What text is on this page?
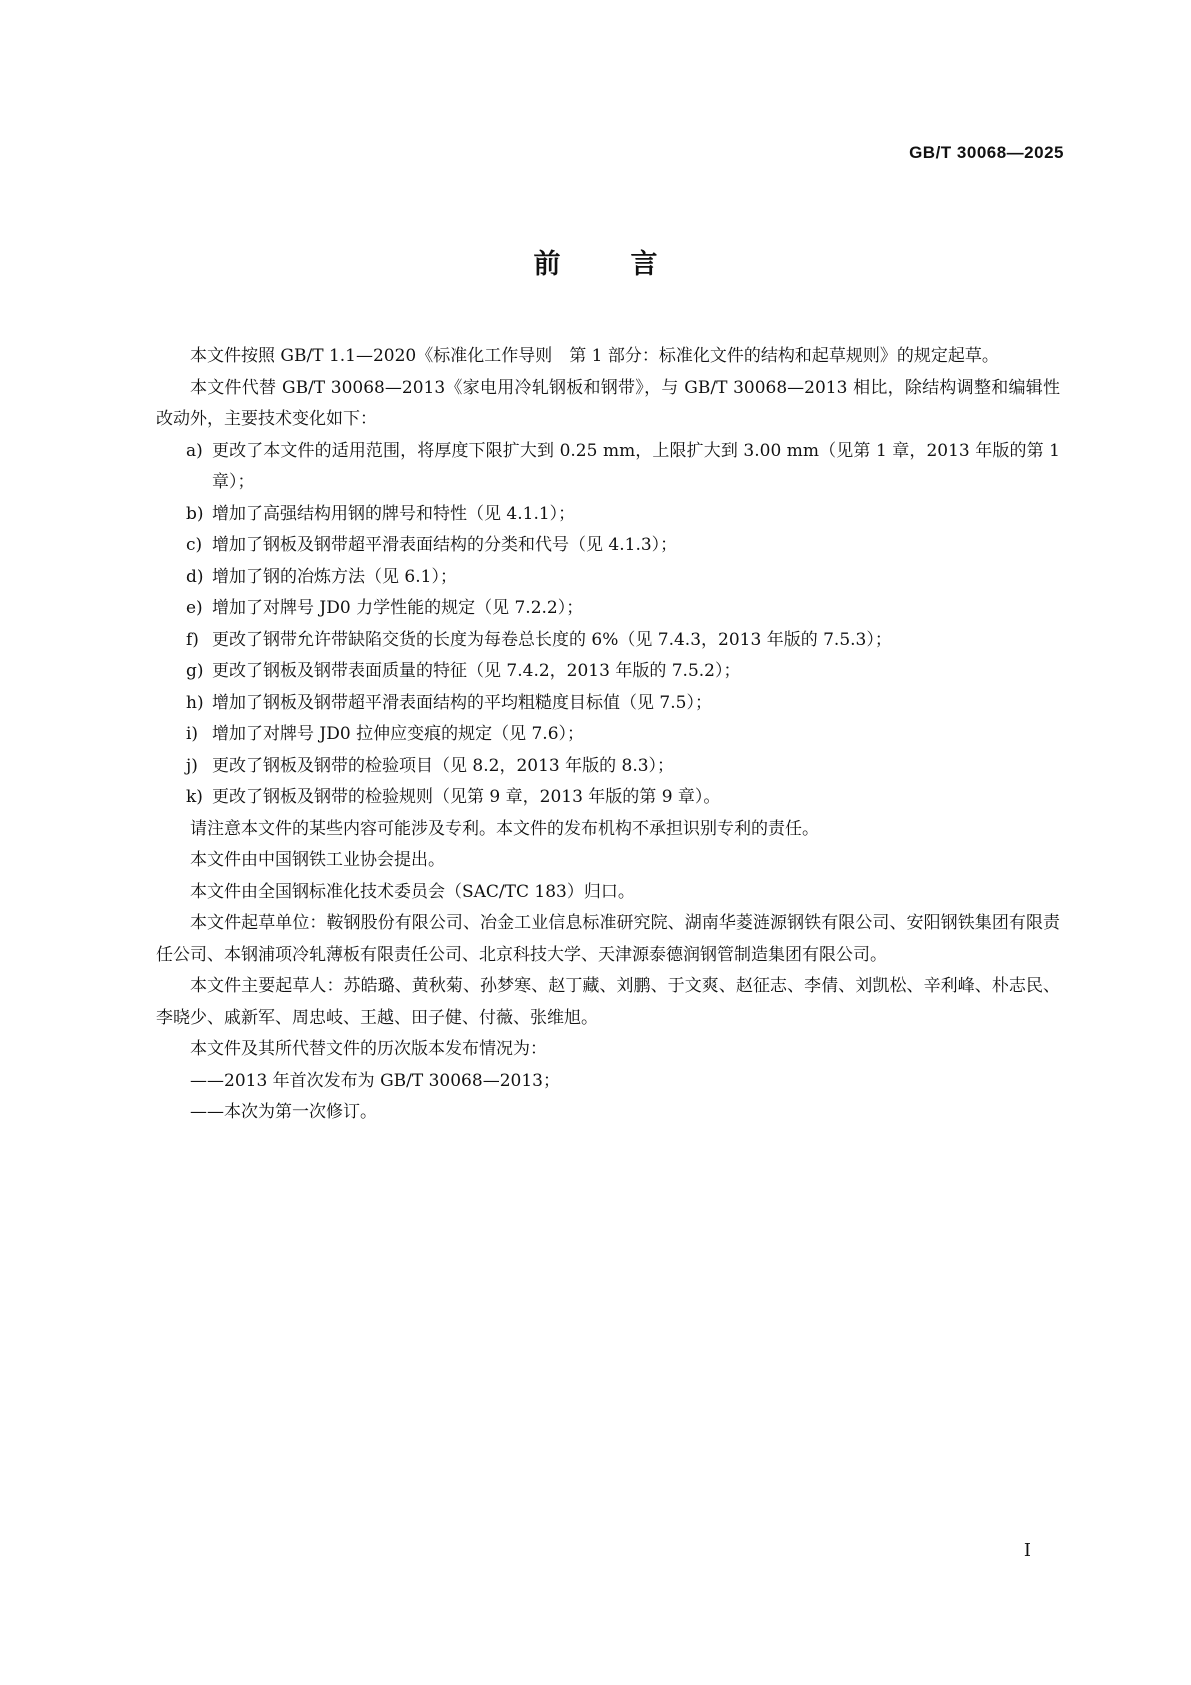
GB/T 30068—2025
前	言

本文件按照 GB/T 1.1—2020《标准化工作导则　第 1 部分：标准化文件的结构和起草规则》的规定起草。

本文件代替 GB/T 30068—2013《家电用冷轧钢板和钢带》，与 GB/T 30068—2013 相比，除结构调整和编辑性改动外，主要技术变化如下：

a) 更改了本文件的适用范围，将厚度下限扩大到 0.25 mm，上限扩大到 3.00 mm（见第 1 章，2013 年版的第 1 章）；

b) 增加了高强结构用钢的牌号和特性（见 4.1.1）；

c) 增加了钢板及钢带超平滑表面结构的分类和代号（见 4.1.3）；

d) 增加了钢的冶炼方法（见 6.1）；

e) 增加了对牌号 JD0 力学性能的规定（见 7.2.2）；

f) 更改了钢带允许带缺陷交货的长度为每卷总长度的 6%（见 7.4.3，2013 年版的 7.5.3）；

g) 更改了钢板及钢带表面质量的特征（见 7.4.2，2013 年版的 7.5.2）；

h) 增加了钢板及钢带超平滑表面结构的平均粗糙度目标值（见 7.5）；

i) 增加了对牌号 JD0 拉伸应变痕的规定（见 7.6）；

j) 更改了钢板及钢带的检验项目（见 8.2，2013 年版的 8.3）；

k) 更改了钢板及钢带的检验规则（见第 9 章，2013 年版的第 9 章）。

请注意本文件的某些内容可能涉及专利。本文件的发布机构不承担识别专利的责任。

本文件由中国钢铁工业协会提出。

本文件由全国钢标准化技术委员会（SAC/TC 183）归口。

本文件起草单位：鞍钢股份有限公司、冶金工业信息标准研究院、湖南华菱涟源钢铁有限公司、安阳钢铁集团有限责任公司、本钢浦项冷轧薄板有限责任公司、北京科技大学、天津源泰德润钢管制造集团有限公司。

本文件主要起草人：苏皓璐、黄秋菊、孙梦寒、赵丁藏、刘鹏、于文爽、赵征志、李倩、刘凯松、辛利峰、朴志民、李晓少、戚新军、周忠岐、王越、田子健、付薇、张维旭。

本文件及其所代替文件的历次版本发布情况为：

——2013 年首次发布为 GB/T 30068—2013；

——本次为第一次修订。

I
